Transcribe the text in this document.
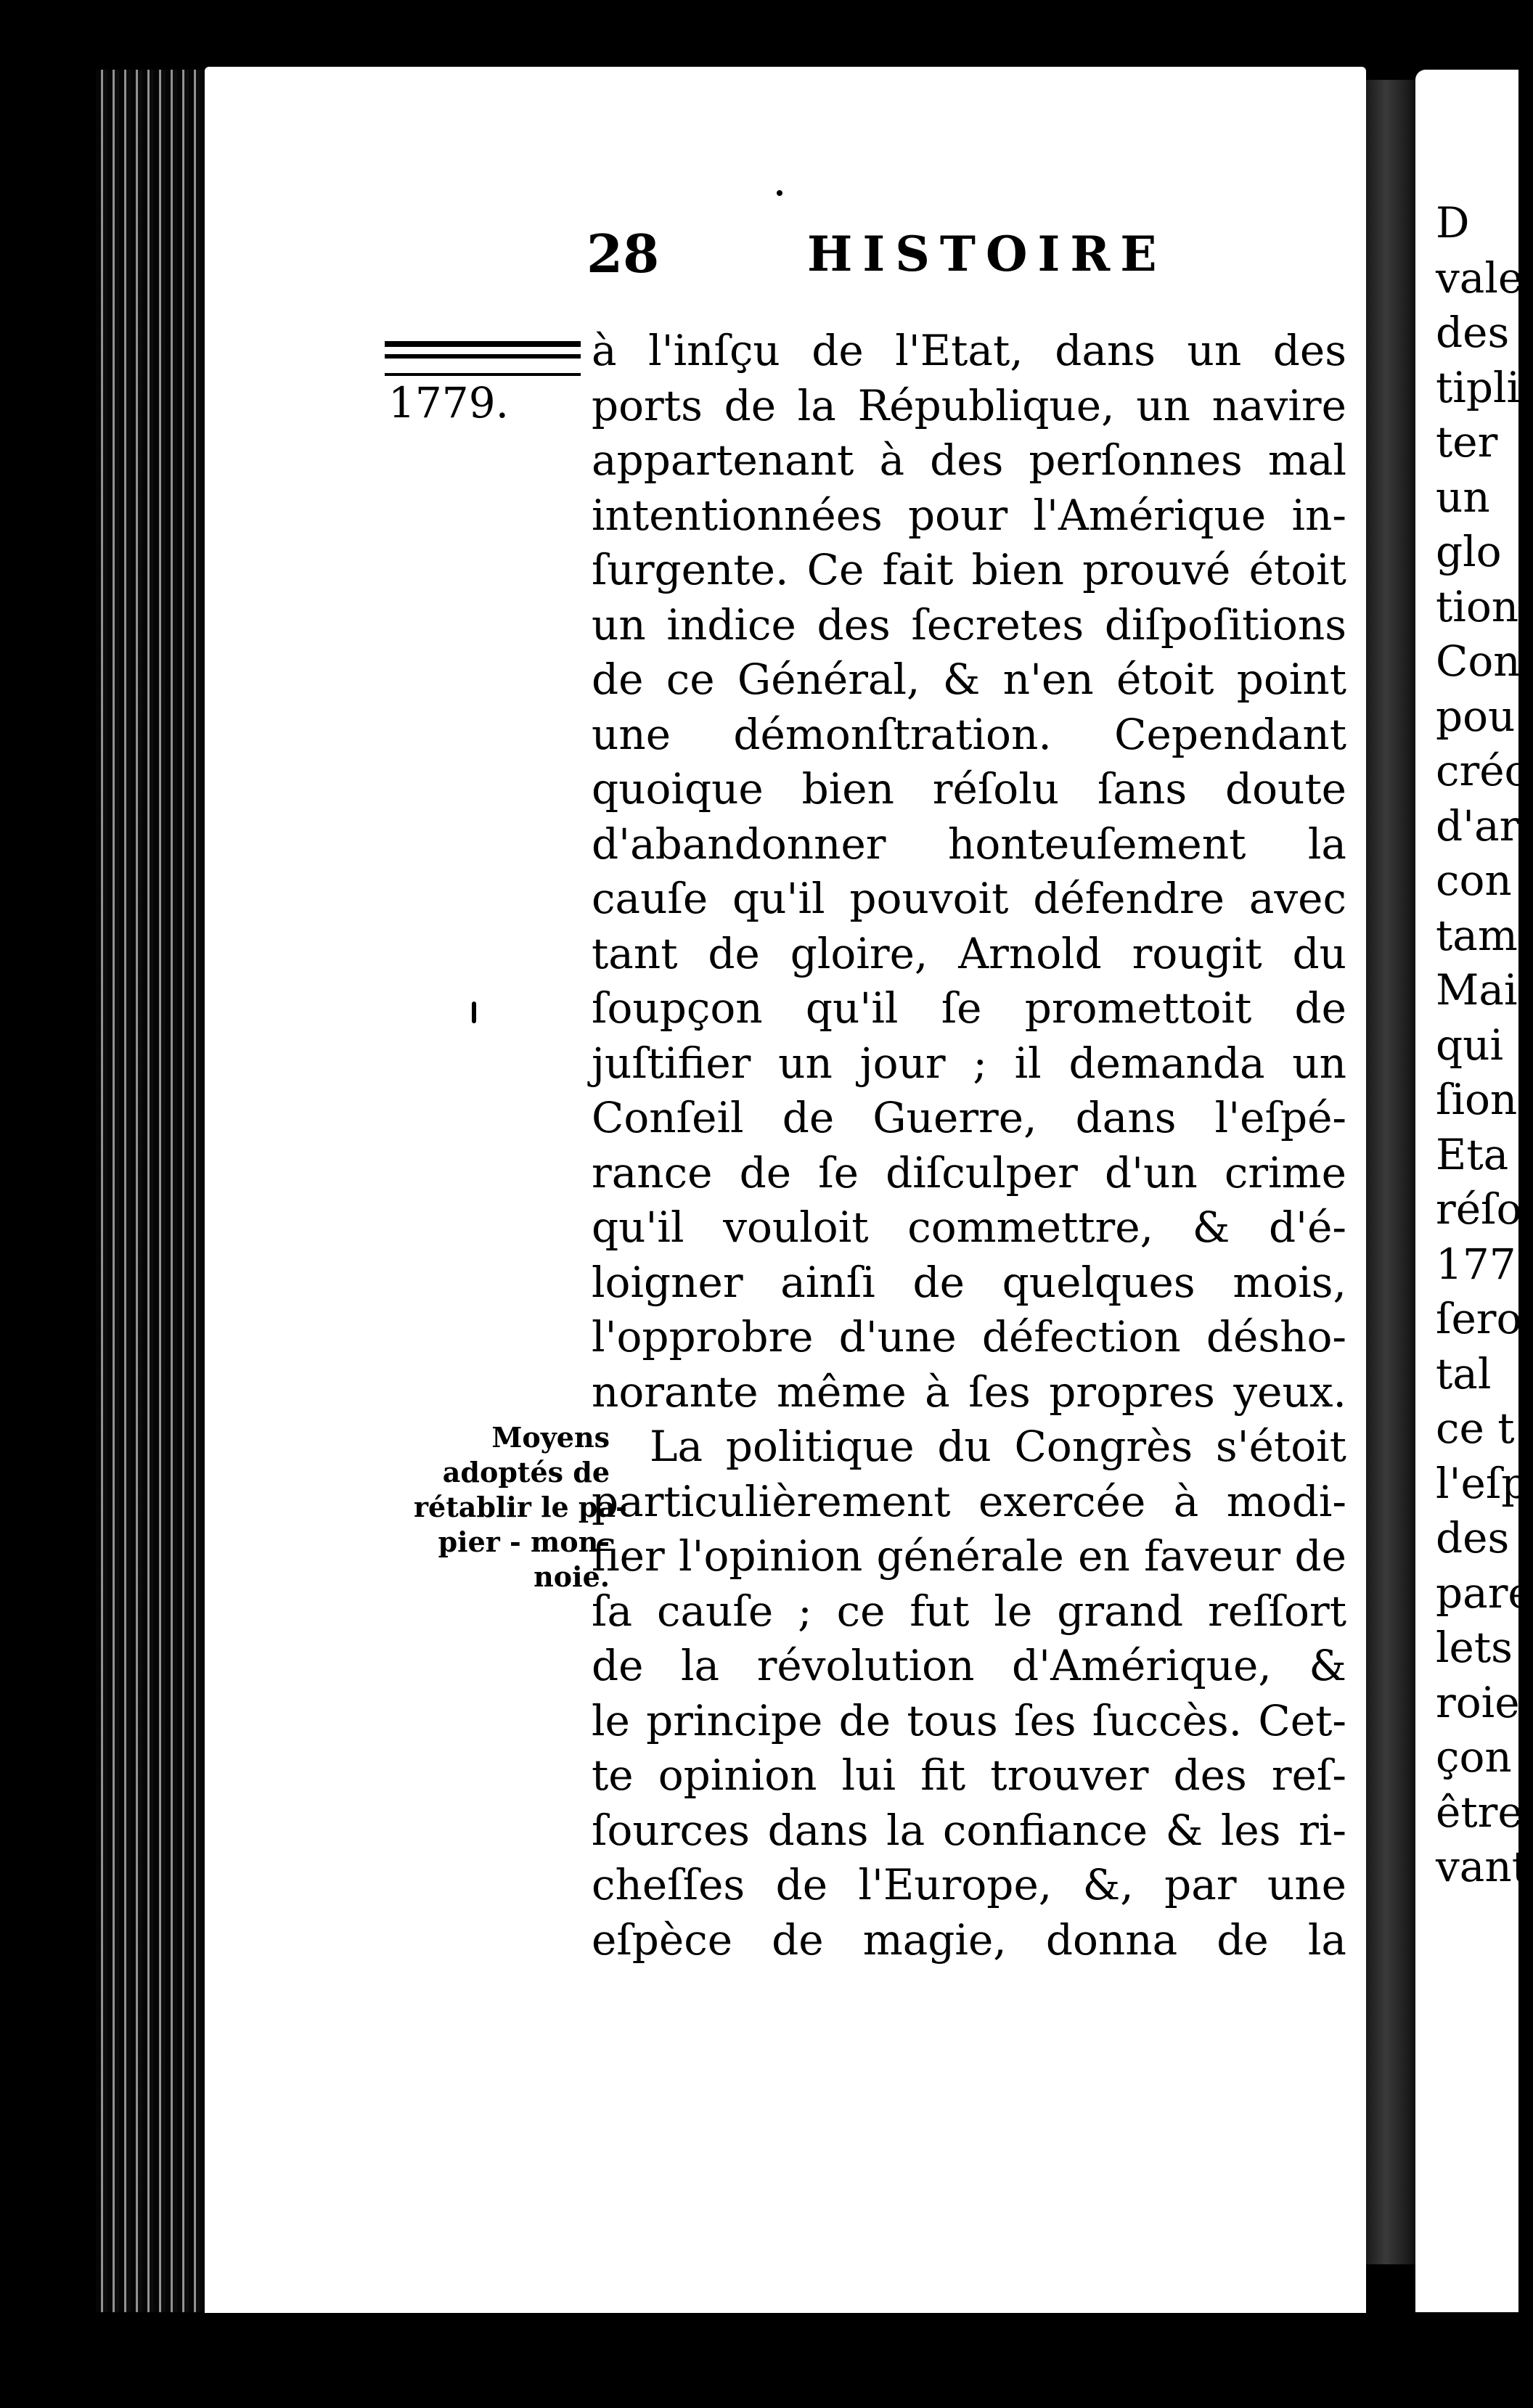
28	HISTOIRE
1779.
à l'inſçu de l'Etat, dans un des
ports de la République, un navire
appartenant à des perſonnes mal
intentionnées pour l'Amérique in-
ſurgente. Ce fait bien prouvé étoit
un indice des ſecretes diſpoſitions
de ce Général, & n'en étoit point
une démonſtration. Cependant
quoique bien réſolu ſans doute
d'abandonner honteuſement la
cauſe qu'il pouvoit défendre avec
tant de gloire, Arnold rougit du
ſoupçon qu'il ſe promettoit de
juſtifier un jour ; il demanda un
Conſeil de Guerre, dans l'eſpé-
rance de ſe diſculper d'un crime
qu'il vouloit commettre, & d'é-
loigner ainſi de quelques mois,
l'opprobre d'une défection désho-
norante même à ſes propres yeux.
La politique du Congrès s'étoit
particulièrement exercée à modi-
fier l'opinion générale en faveur de
ſa cauſe ; ce fut le grand reſſort
de la révolution d'Amérique, &
le principe de tous ſes ſuccès. Cet-
te opinion lui fit trouver des reſ-
ſources dans la confiance & les ri-
cheſſes de l'Europe, &, par une
eſpèce de magie, donna de la
Moyens
adoptés de
rétablir le pa-
pier - mon-
noie.
D
vale
des
tipli
ter
un
glo
tion
Con
pou
créc
d'ar
con
tam
Mai
qui
ſion
Eta
réſo
177
ſero
tal
ce t
l'eſp
des
paré
lets
roie
çon
être
vant
